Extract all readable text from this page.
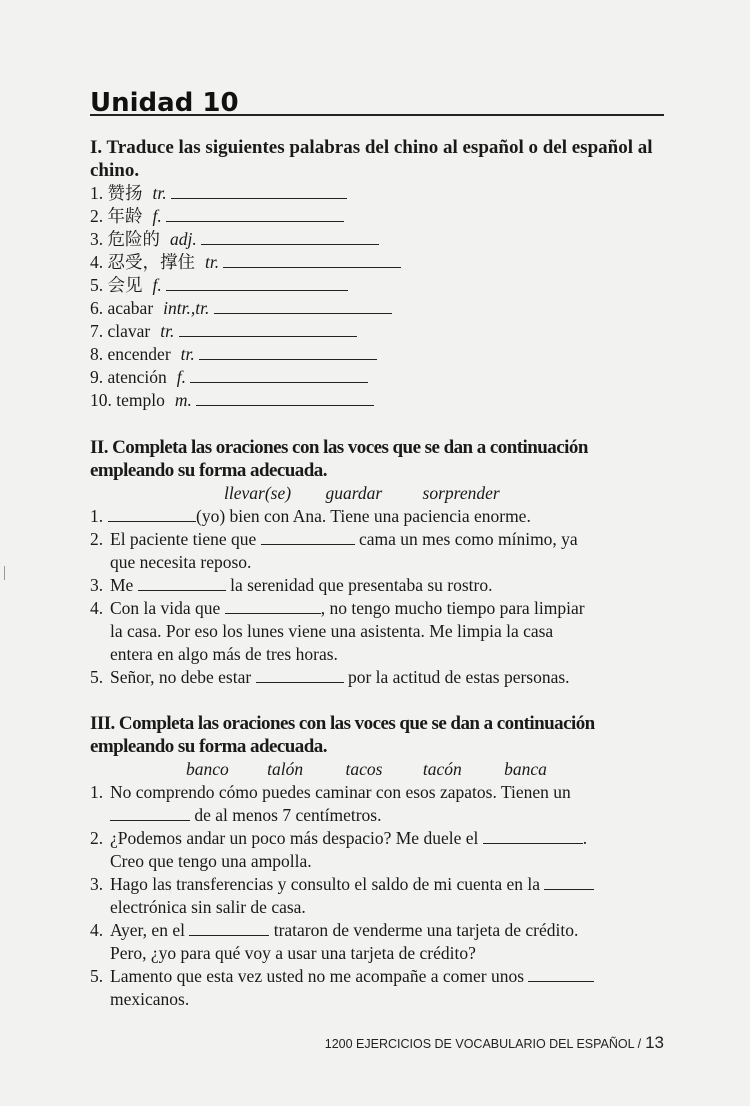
Unidad 10
I. Traduce las siguientes palabras del chino al español o del español al chino.
1. 赞扬 tr.
2. 年龄 f.
3. 危险的 adj.
4. 忍受，撑住 tr.
5. 会见 f.
6. acabar intr.,tr.
7. clavar tr.
8. encender tr.
9. atención f.
10. templo m.
II. Completa las oraciones con las voces que se dan a continuación
empleando su forma adecuada.
llevar(se) guardar sorprender
1.	(yo) bien con Ana. Tiene una paciencia enorme.
2. El paciente tiene que	cama un mes como mínimo, ya
que necesita reposo.
3. Me	la serenidad que presentaba su rostro.
4. Con la vida que	, no tengo mucho tiempo para limpiar
la casa. Por eso los lunes viene una asistenta. Me limpia la casa
entera en algo más de tres horas.
5. Señor, no debe estar	por la actitud de estas personas.
III. Completa las oraciones con las voces que se dan a continuación
empleando su forma adecuada.
banco talón tacos tacón banca
1. No comprendo cómo puedes caminar con esos zapatos. Tienen un
de al menos 7 centímetros.
2. ¿Podemos andar un poco más despacio? Me duele el	.
Creo que tengo una ampolla.
3. Hago las transferencias y consulto el saldo de mi cuenta en la
electrónica sin salir de casa.
4. Ayer, en el	trataron de venderme una tarjeta de crédito.
Pero, ¿yo para qué voy a usar una tarjeta de crédito?
5. Lamento que esta vez usted no me acompañe a comer unos
mexicanos.
1200 EJERCICIOS DE VOCABULARIO DEL ESPAÑOL / 13
